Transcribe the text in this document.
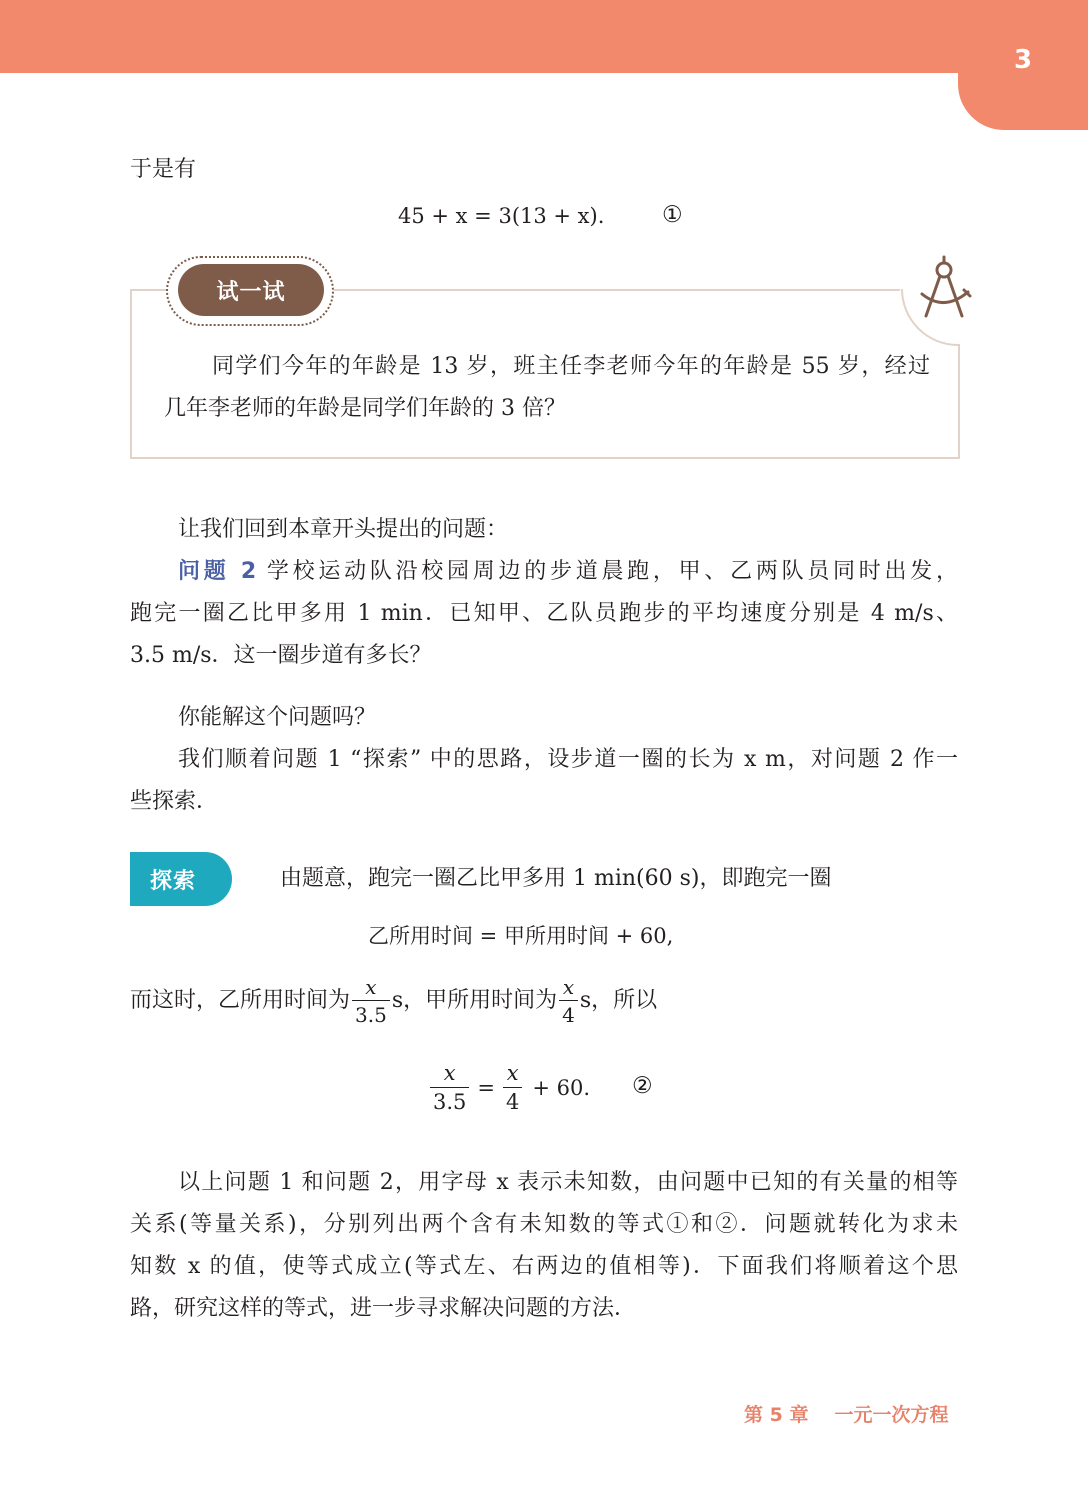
3
于是有
45 + x = 3(13 + x).	①
试一试
同学们今年的年龄是 13 岁，班主任李老师今年的年龄是 55 岁，经过
几年李老师的年龄是同学们年龄的 3 倍？
让我们回到本章开头提出的问题：
问题 2 学校运动队沿校园周边的步道晨跑，甲、乙两队员同时出发，
跑完一圈乙比甲多用 1 min．已知甲、乙队员跑步的平均速度分别是 4 m/s、
3.5 m/s．这一圈步道有多长？
你能解这个问题吗？
我们顺着问题 1 “探索” 中的思路，设步道一圈的长为 x m，对问题 2 作一
些探索．
探索	由题意，跑完一圈乙比甲多用 1 min(60 s)，即跑完一圈
乙所用时间 = 甲所用时间 + 60,
而这时，乙所用时间为 $\frac{x}{3.5}$ s，甲所用时间为 $\frac{x}{4}$ s，所以
$\frac{x}{3.5} = \frac{x}{4} + 60$. ②
以上问题 1 和问题 2，用字母 x 表示未知数，由问题中已知的有关量的相等
关系(等量关系)，分别列出两个含有未知数的等式①和②．问题就转化为求未
知数 x 的值，使等式成立(等式左、右两边的值相等)．下面我们将顺着这个思
路，研究这样的等式，进一步寻求解决问题的方法．
第 5 章 一元一次方程
